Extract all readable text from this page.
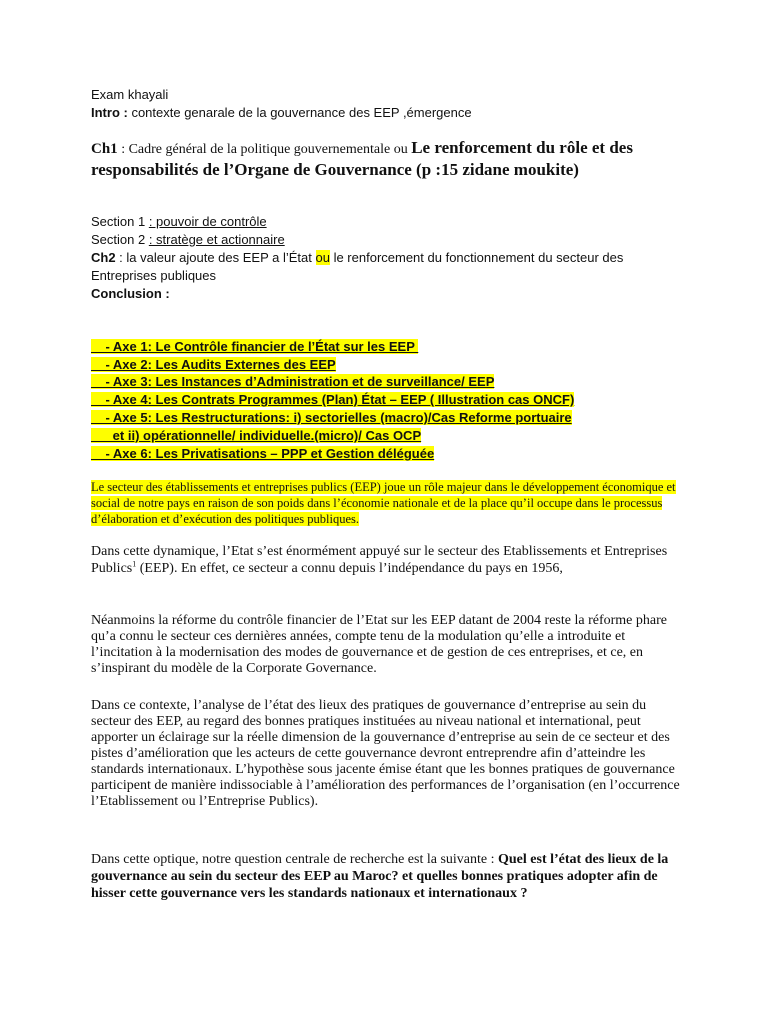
Exam khayali
Intro : contexte genarale de la gouvernance des EEP ,émergence
Ch1 : Cadre général de la politique gouvernementale ou Le renforcement du rôle et des
responsabilités de l’Organe de Gouvernance (p :15 zidane moukite)
Section 1 : pouvoir de contrôle
Section 2 : stratège et actionnaire
Ch2 : la valeur ajoute des EEP a l’État ou le renforcement du fonctionnement du secteur des
Entreprises publiques
Conclusion :
- Axe 1: Le Contrôle financier de l’État sur les EEP
- Axe 2: Les Audits Externes des EEP
- Axe 3: Les Instances d’Administration et de surveillance/ EEP
- Axe 4: Les Contrats Programmes (Plan) État – EEP ( Illustration cas ONCF)
- Axe 5: Les Restructurations: i) sectorielles (macro)/Cas Reforme portuaire
et ii) opérationnelle/ individuelle.(micro)/ Cas OCP
- Axe 6: Les Privatisations – PPP et Gestion déléguée
Le secteur des établissements et entreprises publics (EEP) joue un rôle majeur dans le développement économique et social de notre pays en raison de son poids dans l’économie nationale et de la place qu’il occupe dans le processus d’élaboration et d’exécution des politiques publiques.
Dans cette dynamique, l’Etat s’est énormément appuyé sur le secteur des Etablissements et Entreprises Publics$^1$ (EEP). En effet, ce secteur a connu depuis l’indépendance du pays en 1956,
Néanmoins la réforme du contrôle financier de l’Etat sur les EEP datant de 2004 reste la réforme phare qu’a connu le secteur ces dernières années, compte tenu de la modulation qu’elle a introduite et l’incitation à la modernisation des modes de gouvernance et de gestion de ces entreprises, et ce, en s’inspirant du modèle de la Corporate Governance.
Dans ce contexte, l’analyse de l’état des lieux des pratiques de gouvernance d’entreprise au sein du secteur des EEP, au regard des bonnes pratiques instituées au niveau national et international, peut apporter un éclairage sur la réelle dimension de la gouvernance d’entreprise au sein de ce secteur et des pistes d’amélioration que les acteurs de cette gouvernance devront entreprendre afin d’atteindre les standards internationaux. L’hypothèse sous jacente émise étant que les bonnes pratiques de gouvernance participent de manière indissociable à l’amélioration des performances de l’organisation (en l’occurrence l’Etablissement ou l’Entreprise Publics).
Dans cette optique, notre question centrale de recherche est la suivante : Quel est l’état des lieux de la gouvernance au sein du secteur des EEP au Maroc? et quelles bonnes pratiques adopter afin de hisser cette gouvernance vers les standards nationaux et internationaux ?
